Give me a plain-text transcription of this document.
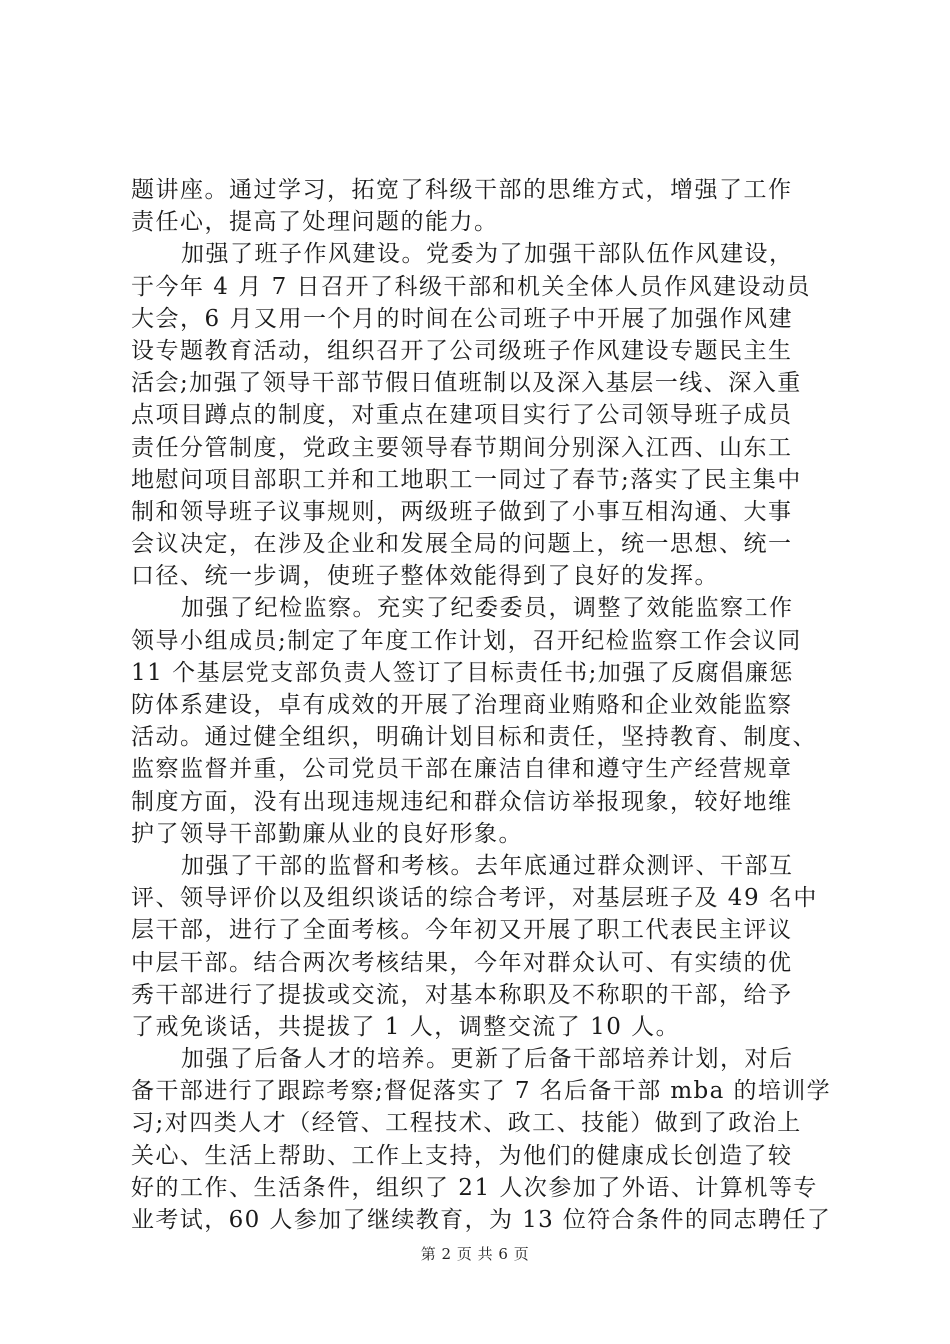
题讲座。通过学习，拓宽了科级干部的思维方式，增强了工作
责任心，提高了处理问题的能力。
加强了班子作风建设。党委为了加强干部队伍作风建设，
于今年 4 月 7 日召开了科级干部和机关全体人员作风建设动员
大会，6 月又用一个月的时间在公司班子中开展了加强作风建
设专题教育活动，组织召开了公司级班子作风建设专题民主生
活会;加强了领导干部节假日值班制以及深入基层一线、深入重
点项目蹲点的制度，对重点在建项目实行了公司领导班子成员
责任分管制度，党政主要领导春节期间分别深入江西、山东工
地慰问项目部职工并和工地职工一同过了春节;落实了民主集中
制和领导班子议事规则，两级班子做到了小事互相沟通、大事
会议决定，在涉及企业和发展全局的问题上，统一思想、统一
口径、统一步调，使班子整体效能得到了良好的发挥。
加强了纪检监察。充实了纪委委员，调整了效能监察工作
领导小组成员;制定了年度工作计划，召开纪检监察工作会议同
11 个基层党支部负责人签订了目标责任书;加强了反腐倡廉惩
防体系建设，卓有成效的开展了治理商业贿赂和企业效能监察
活动。通过健全组织，明确计划目标和责任，坚持教育、制度、
监察监督并重，公司党员干部在廉洁自律和遵守生产经营规章
制度方面，没有出现违规违纪和群众信访举报现象，较好地维
护了领导干部勤廉从业的良好形象。
加强了干部的监督和考核。去年底通过群众测评、干部互
评、领导评价以及组织谈话的综合考评，对基层班子及 49 名中
层干部，进行了全面考核。今年初又开展了职工代表民主评议
中层干部。结合两次考核结果，今年对群众认可、有实绩的优
秀干部进行了提拔或交流，对基本称职及不称职的干部，给予
了戒免谈话，共提拔了 1 人，调整交流了 10 人。
加强了后备人才的培养。更新了后备干部培养计划，对后
备干部进行了跟踪考察;督促落实了 7 名后备干部 mba 的培训学
习;对四类人才（经管、工程技术、政工、技能）做到了政治上
关心、生活上帮助、工作上支持，为他们的健康成长创造了较
好的工作、生活条件，组织了 21 人次参加了外语、计算机等专
业考试，60 人参加了继续教育，为 13 位符合条件的同志聘任了
第 2 页 共 6 页
